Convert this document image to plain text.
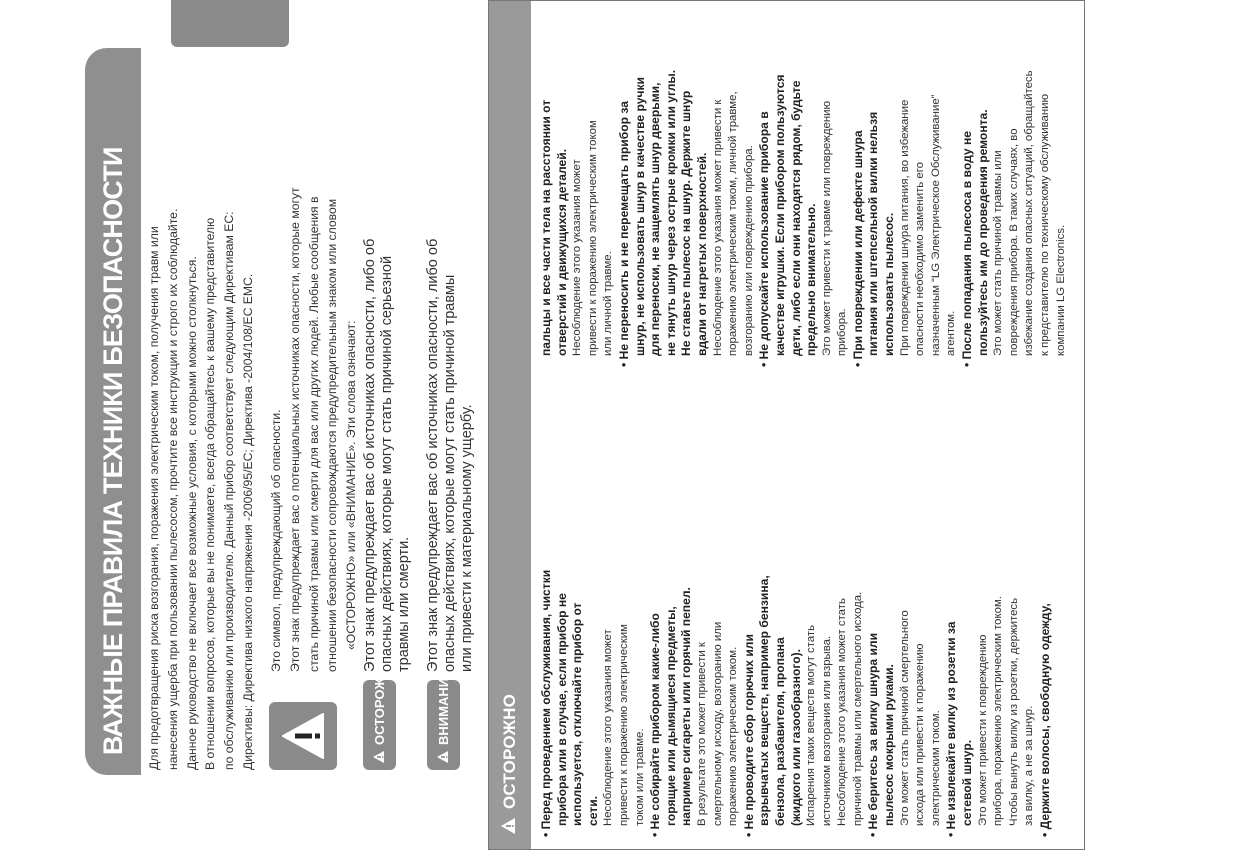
ВАЖНЫЕ ПРАВИЛА ТЕХНИКИ БЕЗОПАСНОСТИ Для предотвращения риска возгорания, поражения электрическим током, получения травм или нанесения ущерба при пользовании пылесосом, прочтите все инструкции и строго их соблюдайте. Данное руководство не включает все возможные условия, с которыми можно столкнуться. В отношении вопросов, которые вы не понимаете, всегда обращайтесь к вашему представителю по обслуживанию или производителю. Данный прибор соответствует следующим Директивам ЕС: Директивы: Директива низкого напряжения -2006/95/ЕС; Директива -2004/108/ЕС EMC. Это символ, предупреждающий об опасности. Этот знак предупреждает вас о потенциальных источниках опасности, которые могут стать причиной травмы или смерти для вас или других людей. Любые сообщения в отношении безопасности сопровождаются предупредительным знаком или словом «ОСТОРОЖНО» или «ВНИМАНИЕ». Эти слова означают:

ОСТОРОЖНО

Этот знак предупреждает вас об источниках опасности, либо об опасных действиях, которые могут стать причиной серьезной травмы или смерти.

ВНИМАНИЕ

Этот знак предупреждает вас об источниках опасности, либо об опасных действиях, которые могут стать причиной травмы или привести к материальному ущербу.

ОСТОРОЖНО • Перед проведением обслуживания, чистки прибора или в случае, если прибор не используется, отключайте прибор от сети. Несоблюдение этого указания может привести к поражению электрическим током или травме. • Не собирайте прибором какие-либо горящие или дымящиеся предметы, например сигареты или горячий пепел. В результате это может привести к смертельному исходу, возгоранию или поражению электрическим током. • Не проводите сбор горючих или взрывчатых веществ, например бензина, бензола, разбавителя, пропана (жидкого или газообразного). Испарения таких веществ могут стать источником возгорания или взрыва. Несоблюдение этого указания может стать причиной травмы или смертельного исхода. • Не беритесь за вилку шнура или пылесос мокрыми руками. Это может стать причиной смертельного исхода или привести к поражению электрическим током. • Не извлекайте вилку из розетки за сетевой шнур. Это может привести к повреждению прибора, поражению электрическим током. Чтобы вынуть вилку из розетки, держитесь за вилку, а не за шнур. • Держите волосы, свободную одежду,

пальцы и все части тела на расстоянии от отверстий и движущихся деталей. Несоблюдение этого указания может привести к поражению электрическим током или личной травме. • Не переносить и не перемещать прибор за шнур, не использовать шнур в качестве ручки для переноски, не защемлять шнур дверьми, не тянуть шнур через острые кромки или углы. Не ставьте пылесос на шнур. Держите шнур вдали от нагретых поверхностей. Несоблюдение этого указания может привести к поражению электрическим током, личной травме, возгоранию или повреждению прибора. • Не допускайте использование прибора в качестве игрушки. Если прибором пользуются дети, либо если они находятся рядом, будьте предельно внимательно. Это может привести к травме или повреждению прибора. • При повреждении или дефекте шнура питания или штепсельной вилки нельзя использовать пылесос. При повреждении шнура питания, во избежание опасности необходимо заменить его назначенным “LG Электрическое Обслуживание” агентом. • После попадания пылесоса в воду не пользуйтесь им до проведения ремонта. Это может стать причиной травмы или повреждения прибора. В таких случаях, во избежание создания опасных ситуаций, обращайтесь к представителю по техническому обслуживанию компании LG Electronics.
